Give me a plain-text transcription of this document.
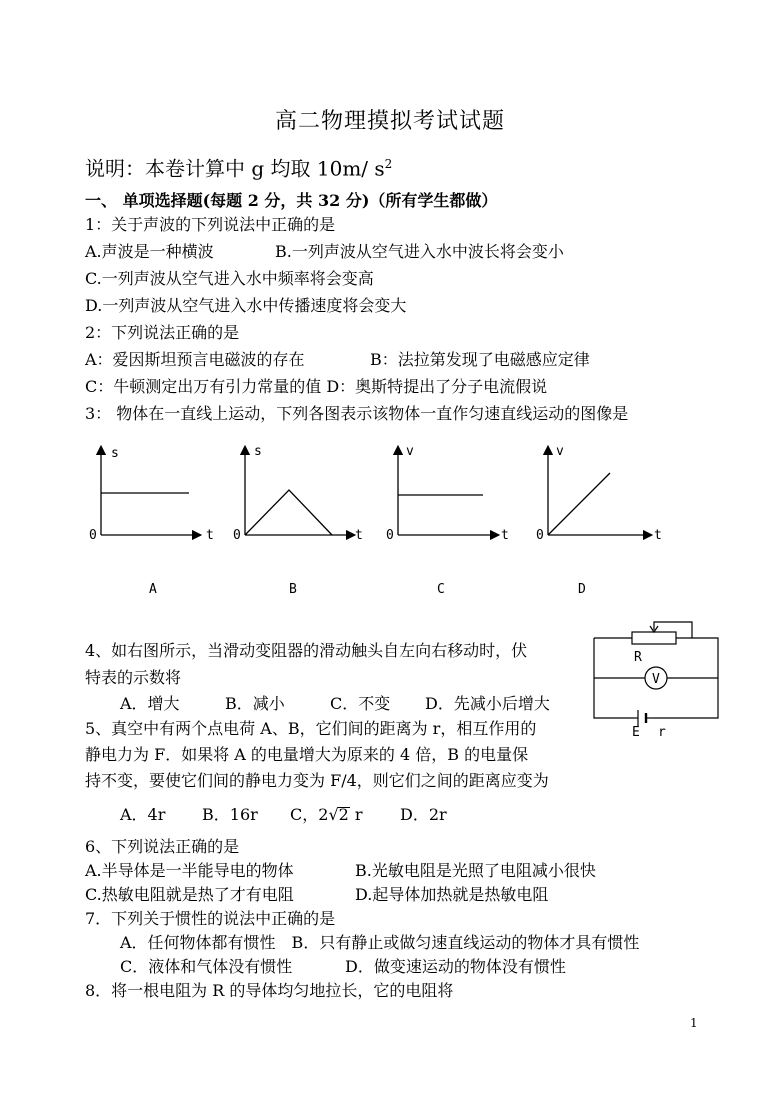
高二物理摸拟考试试题
说明：本卷计算中 g 均取 10m/ $s^2$
一、 单项选择题(每题 2 分，共 32 分)（所有学生都做）
1：关于声波的下列说法中正确的是
A.声波是一种横波	B.一列声波从空气进入水中波长将会变小
C.一列声波从空气进入水中频率将会变高
D.一列声波从空气进入水中传播速度将会变大
2：下列说法正确的是
A：爱因斯坦预言电磁波的存在	B：法拉第发现了电磁感应定律
C：牛顿测定出万有引力常量的值 D：奥斯特提出了分子电流假说
3： 物体在一直线上运动，下列各图表示该物体一直作匀速直线运动的图像是
s
t
0
A
s
t
0
B
v
t
0
C
v
t
0
D
4、如右图所示，当滑动变阻器的滑动触头自左向右移动时，伏
特表的示数将
A．增大	B．减小	C．不变 D．先减小后增大
V
R
E r
5、真空中有两个点电荷 A、B，它们间的距离为 r，相互作用的
静电力为 F．如果将 A 的电量增大为原来的 4 倍，B 的电量保
持不变，要使它们间的静电力变为 F/4，则它们之间的距离应变为
A．4r B．16r C，2√2 r D．2r
6、下列说法正确的是
A.半导体是一半能导电的物体	B.光敏电阻是光照了电阻减小很快
C.热敏电阻就是热了才有电阻	D.起导体加热就是热敏电阻
7．下列关于惯性的说法中正确的是
A．任何物体都有惯性　B．只有静止或做匀速直线运动的物体才具有惯性
C．液体和气体没有惯性	D．做变速运动的物体没有惯性
8．将一根电阻为 R 的导体均匀地拉长，它的电阻将
1
